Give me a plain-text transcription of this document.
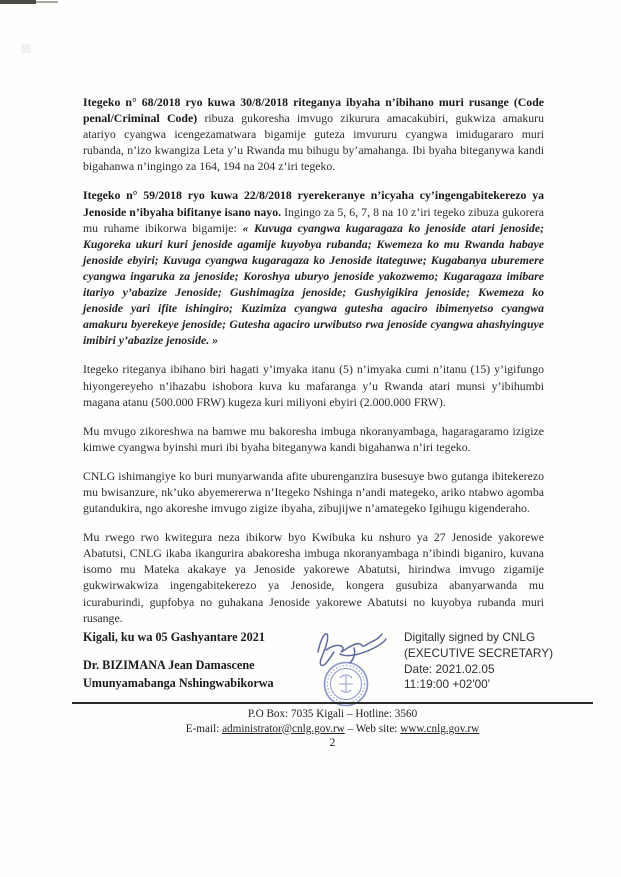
Itegeko n° 68/2018 ryo kuwa 30/8/2018 riteganya ibyaha n’ibihano muri rusange (Code penal/Criminal Code) ribuza gukoresha imvugo zikurura amacakubiri, gukwiza amakuru atariyo cyangwa icengezamatwara bigamije guteza imvururu cyangwa imidugararo muri rubanda, n’izo kwangiza Leta y’u Rwanda mu bihugu by’amahanga. Ibi byaha biteganywa kandi bigahanwa n’ingingo za 164, 194 na 204 z’iri tegeko.

Itegeko n° 59/2018 ryo kuwa 22/8/2018 ryerekeranye n’icyaha cy’ingengabitekerezo ya Jenoside n’ibyaha bifitanye isano nayo. Ingingo za 5, 6, 7, 8 na 10 z’iri tegeko zibuza gukorera mu ruhame ibikorwa bigamije: « Kuvuga cyangwa kugaragaza ko jenoside atari jenoside; Kugoreka ukuri kuri jenoside agamije kuyobya rubanda; Kwemeza ko mu Rwanda habaye jenoside ebyiri; Kuvuga cyangwa kugaragaza ko Jenoside itateguwe; Kugabanya uburemere cyangwa ingaruka za jenoside; Koroshya uburyo jenoside yakozwemo; Kugaragaza imibare itariyo y’abazize Jenoside; Gushimagiza jenoside; Gushyigikira jenoside; Kwemeza ko jenoside yari ifite ishingiro; Kuzimiza cyangwa gutesha agaciro ibimenyetso cyangwa amakuru byerekeye jenoside; Gutesha agaciro urwibutso rwa jenoside cyangwa ahashyinguye imibiri y’abazize jenoside. »

Itegeko riteganya ibihano biri hagati y’imyaka itanu (5) n’imyaka cumi n’itanu (15) y’igifungo hiyongereyeho n’ihazabu ishobora kuva ku mafaranga y’u Rwanda atari munsi y’ibihumbi magana atanu (500.000 FRW) kugeza kuri miliyoni ebyiri (2.000.000 FRW).

Mu mvugo zikoreshwa na bamwe mu bakoresha imbuga nkoranyambaga, hagaragaramo izigize kimwe cyangwa byinshi muri ibi byaha biteganywa kandi bigahanwa n’iri tegeko.

CNLG ishimangiye ko buri munyarwanda afite uburenganzira busesuye bwo gutanga ibitekerezo mu bwisanzure, nk’uko abyemererwa n’Itegeko Nshinga n’andi mategeko, ariko ntabwo agomba gutandukira, ngo akoreshe imvugo zigize ibyaha, zibujijwe n’amategeko Igihugu kigenderaho.

Mu rwego rwo kwitegura neza ibikorw byo Kwibuka ku nshuro ya 27 Jenoside yakorewe Abatutsi, CNLG ikaba ikangurira abakoresha imbuga nkoranyambaga n’ibindi biganiro, kuvana isomo mu Mateka akakaye ya Jenoside yakorewe Abatutsi, hirindwa imvugo zigamije gukwirwakwiza ingengabitekerezo ya Jenoside, kongera gusubiza abanyarwanda mu icuraburindi, gupfobya no guhakana Jenoside yakorewe Abatutsi no kuyobya rubanda muri rusange.

Kigali, ku wa 05 Gashyantare 2021
Dr. BIZIMANA Jean Damascene
Umunyamabanga Nshingwabikorwa
Digitally signed by CNLG
(EXECUTIVE SECRETARY)
Date: 2021.02.05
11:19:00 +02'00'
P.O Box: 7035 Kigali – Hotline: 3560
E-mail: administrator@cnlg.gov.rw – Web site: www.cnlg.gov.rw
2
